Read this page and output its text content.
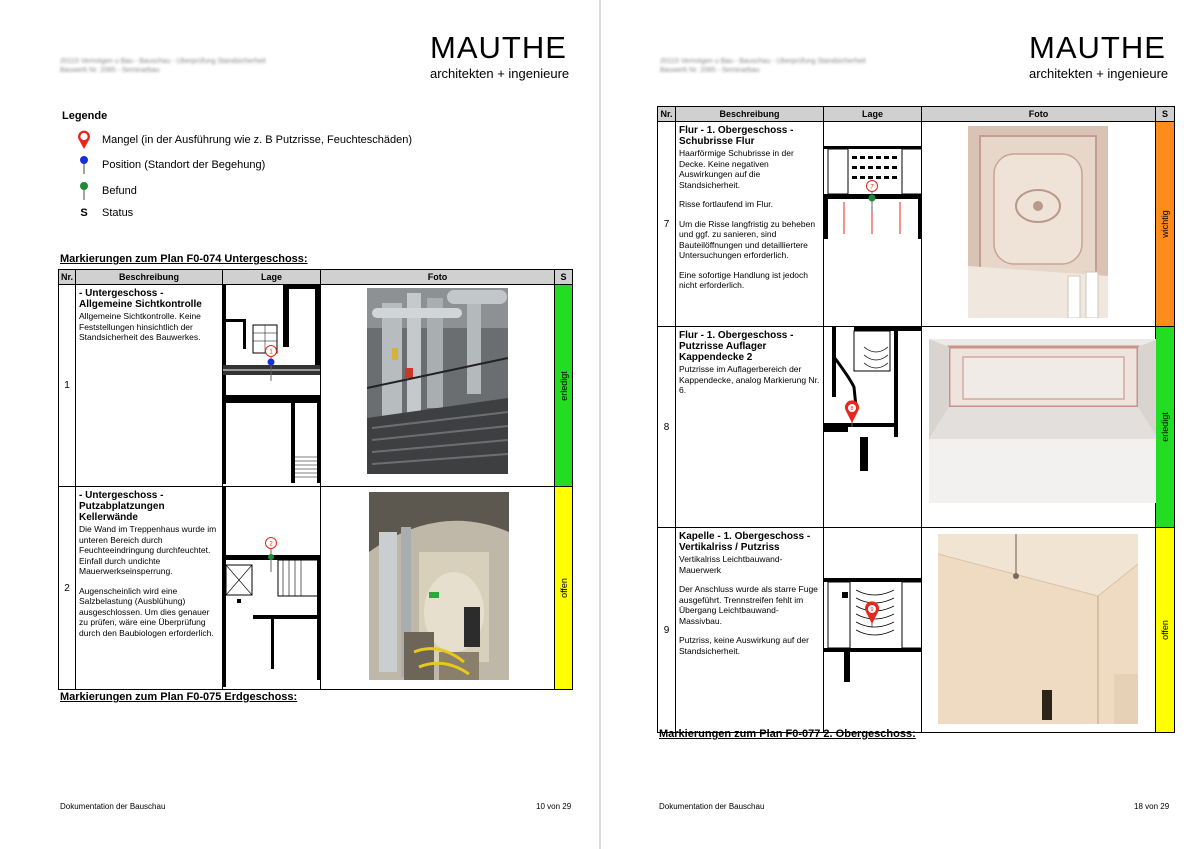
20115 Vermögen u Bau - Bauschau - Überprüfung Standsicherheit
Bauwerk Nr. 2065 - Seminarbau
MAUTHE
architekten + ingenieure
Legende
Mangel (in der Ausführung wie z. B Putzrisse, Feuchteschäden)
Position (Standort der Begehung)
Befund
S	Status
Markierungen zum Plan F0-074 Untergeschoss:
Nr.	Beschreibung	Lage	Foto	S
1	- Untergeschoss - Allgemeine Sichtkontrolle

Allgemeine Sichtkontrolle. Keine Feststellungen hinsichtlich der Standsicherheit des Bauwerkes.	1		erledigt

2	- Untergeschoss - Putzabplatzungen Kellerwände

Die Wand im Treppenhaus wurde im unteren Bereich durch Feuchteeindringung durchfeuchtet. Einfall durch undichte Mauerwerkseinsperrung.

Augenscheinlich wird eine Salzbelastung (Ausblühung) ausgeschlossen. Um dies genauer zu prüfen, wäre eine Überprüfung durch den Baubiologen erforderlich.	2		offen
Markierungen zum Plan F0-075 Erdgeschoss:
Dokumentation der Bauschau	10 von 29
20115 Vermögen u Bau - Bauschau - Überprüfung Standsicherheit
Bauwerk Nr. 2065 - Seminarbau
MAUTHE
architekten + ingenieure
Nr.	Beschreibung	Lage	Foto	S
7	Flur - 1. Obergeschoss - Schubrisse Flur

Haarförmige Schubrisse in der Decke. Keine negativen Auswirkungen auf die Standsicherheit.

Risse fortlaufend im Flur.

Um die Risse langfristig zu beheben und ggf. zu sanieren, sind Bauteilöffnungen und detailliertere Untersuchungen erforderlich.

Eine sofortige Handlung ist jedoch nicht erforderlich.	7		wichtig

8	Flur - 1. Obergeschoss - Putzrisse Auflager Kappendecke 2

Putzrisse im Auflagerbereich der Kappendecke, analog Markierung Nr. 6.	8		erledigt

9	Kapelle - 1. Obergeschoss - Vertikalriss / Putzriss

Vertikalriss Leichtbauwand-Mauerwerk

Der Anschluss wurde als starre Fuge ausgeführt. Trennstreifen fehlt im Übergang Leichtbauwand-Massivbau.

Putzriss, keine Auswirkung auf der Standsicherheit.	9		offen
Markierungen zum Plan F0-077 2. Obergeschoss:
Dokumentation der Bauschau	18 von 29
